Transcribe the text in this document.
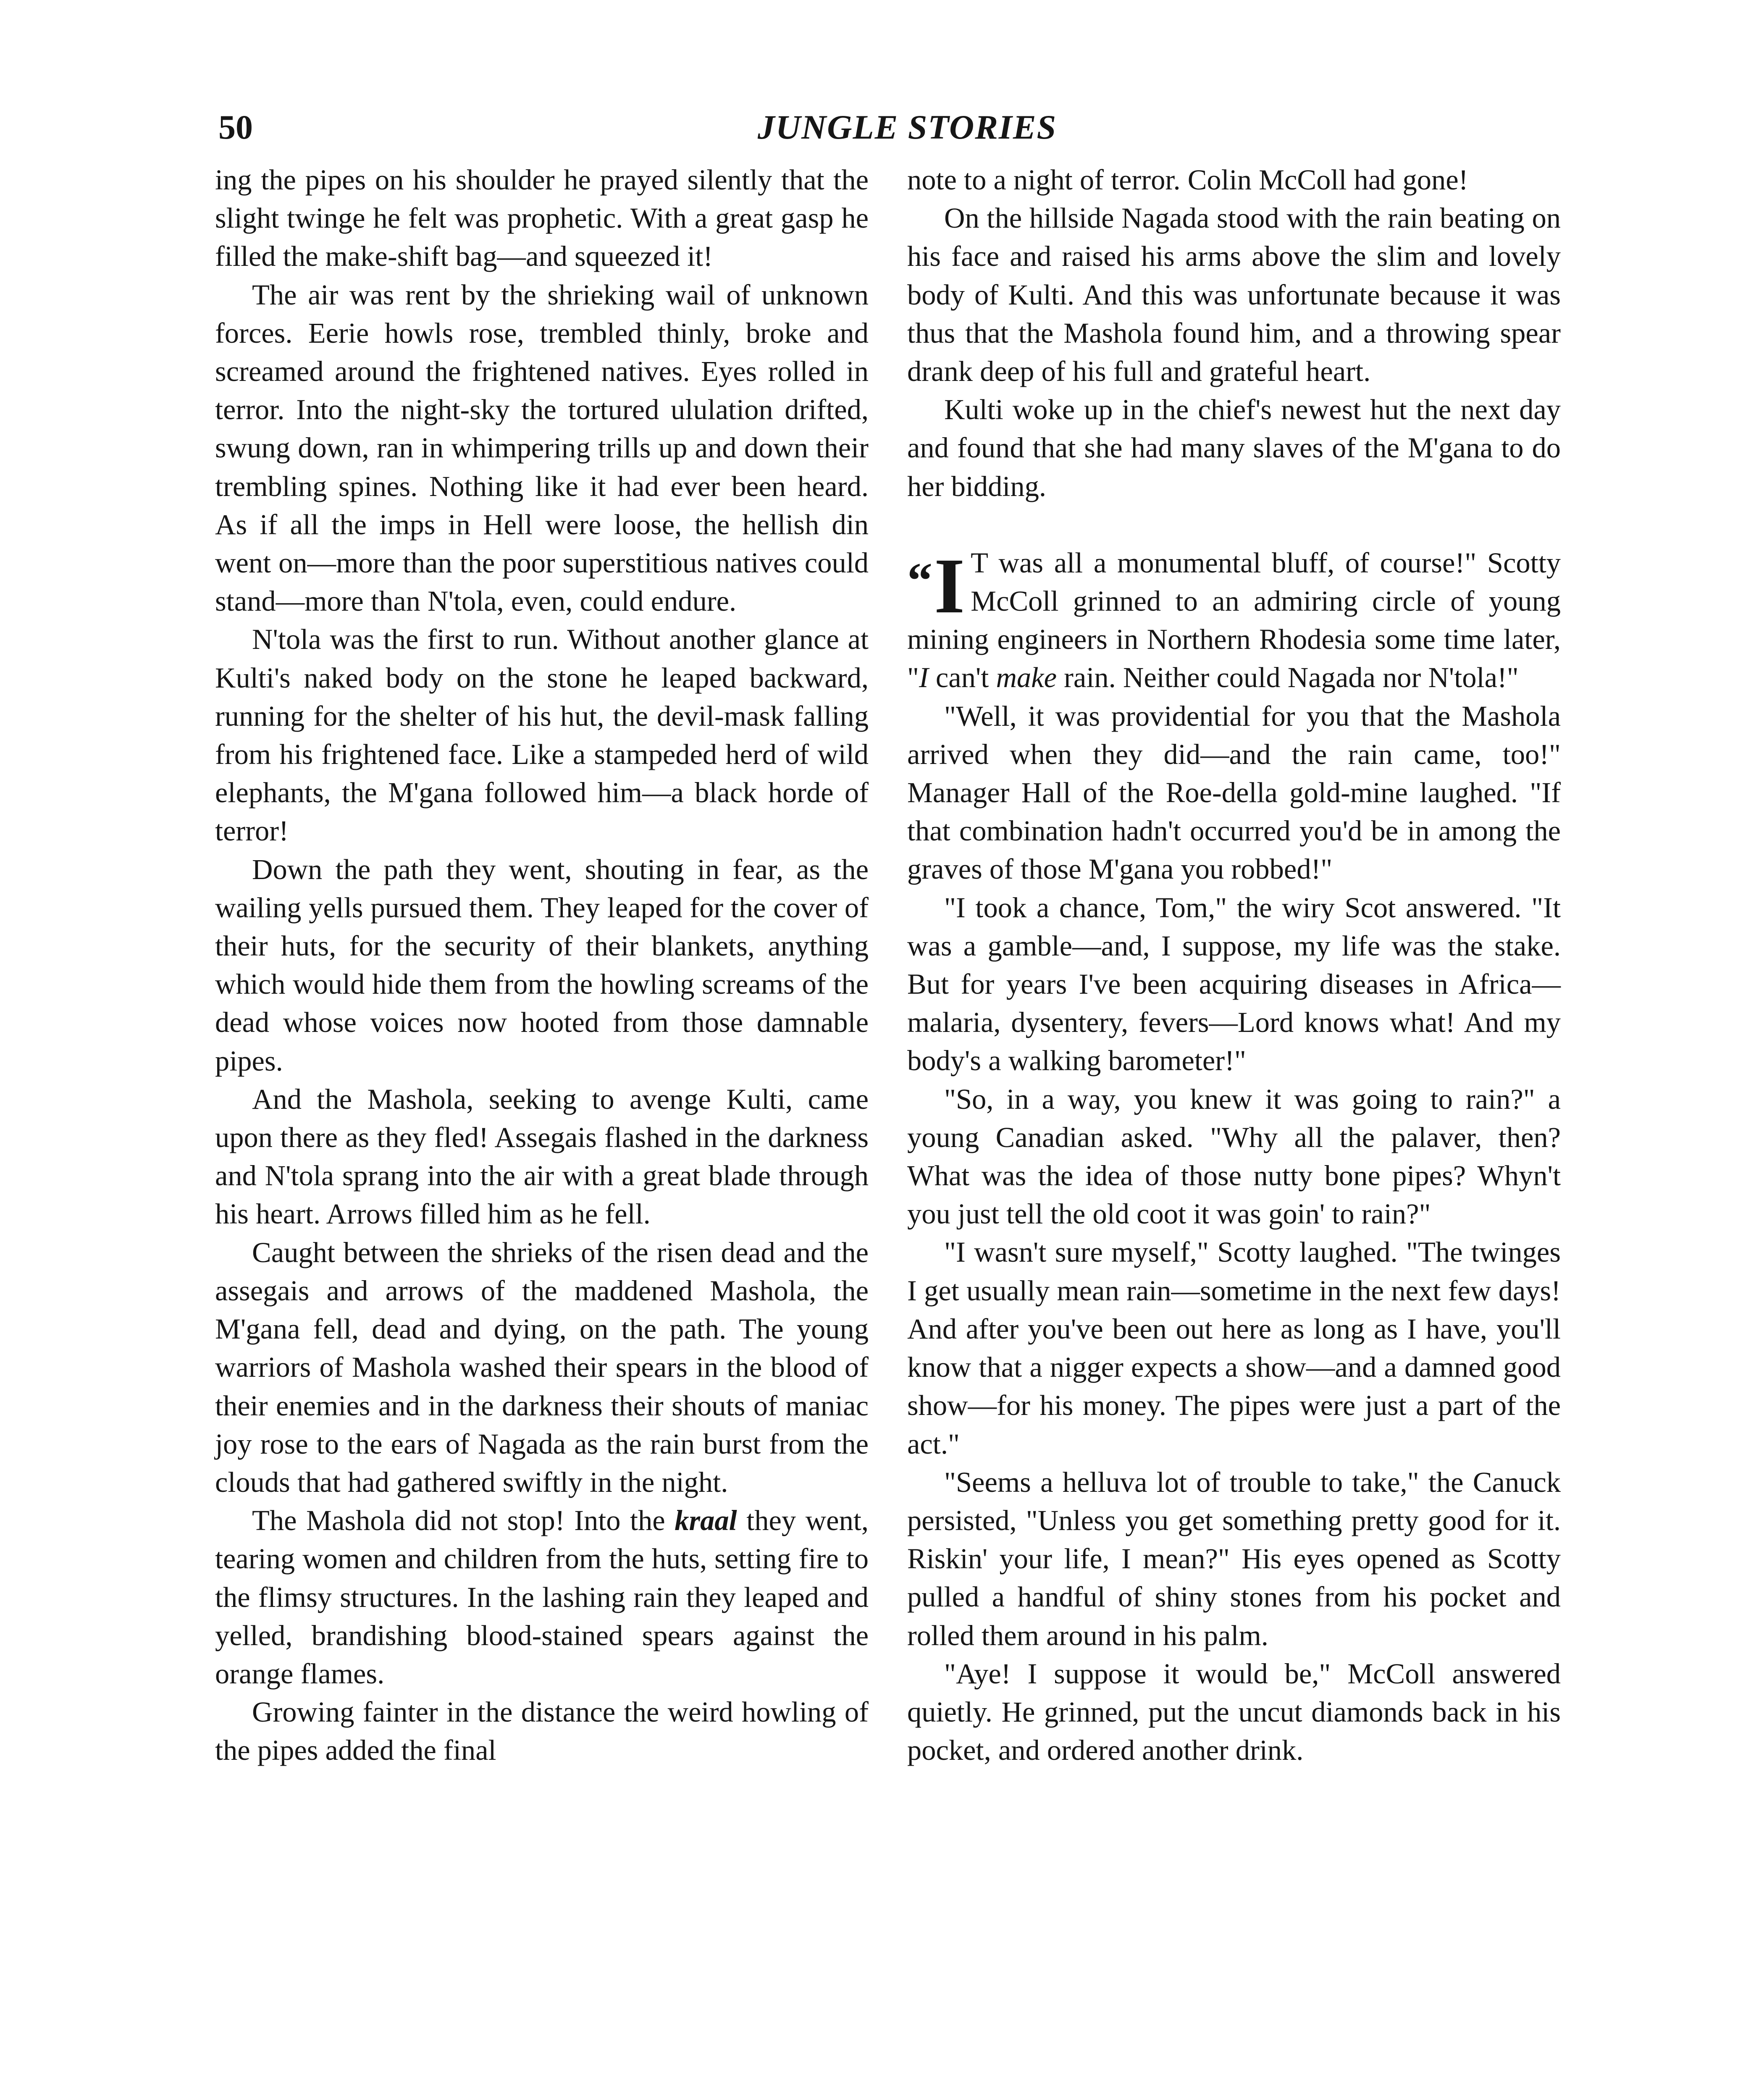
50	JUNGLE STORIES

ing the pipes on his shoulder he prayed silently that the slight twinge he felt was prophetic. With a great gasp he filled the make-shift bag—and squeezed it!

The air was rent by the shrieking wail of unknown forces. Eerie howls rose, trembled thinly, broke and screamed around the frightened natives. Eyes rolled in terror. Into the night-sky the tortured ululation drifted, swung down, ran in whimpering trills up and down their trembling spines. Nothing like it had ever been heard. As if all the imps in Hell were loose, the hellish din went on—more than the poor superstitious natives could stand—more than N'tola, even, could endure.

N'tola was the first to run. Without another glance at Kulti's naked body on the stone he leaped backward, running for the shelter of his hut, the devil-mask falling from his frightened face. Like a stampeded herd of wild elephants, the M'gana followed him—a black horde of terror!

Down the path they went, shouting in fear, as the wailing yells pursued them. They leaped for the cover of their huts, for the security of their blankets, anything which would hide them from the howling screams of the dead whose voices now hooted from those damnable pipes.

And the Mashola, seeking to avenge Kulti, came upon there as they fled! Assegais flashed in the darkness and N'tola sprang into the air with a great blade through his heart. Arrows filled him as he fell.

Caught between the shrieks of the risen dead and the assegais and arrows of the maddened Mashola, the M'gana fell, dead and dying, on the path. The young warriors of Mashola washed their spears in the blood of their enemies and in the darkness their shouts of maniac joy rose to the ears of Nagada as the rain burst from the clouds that had gathered swiftly in the night.

The Mashola did not stop! Into the kraal they went, tearing women and children from the huts, setting fire to the flimsy structures. In the lashing rain they leaped and yelled, brandishing blood-stained spears against the orange flames.

Growing fainter in the distance the weird howling of the pipes added the final

note to a night of terror. Colin McColl had gone!

On the hillside Nagada stood with the rain beating on his face and raised his arms above the slim and lovely body of Kulti. And this was unfortunate because it was thus that the Mashola found him, and a throwing spear drank deep of his full and grateful heart.

Kulti woke up in the chief's newest hut the next day and found that she had many slaves of the M'gana to do her bidding.

“I T was all a monumental bluff, of course!" Scotty McColl grinned to an admiring circle of young mining engineers in Northern Rhodesia some time later, "I can't make rain. Neither could Nagada nor N'tola!"

"Well, it was providential for you that the Mashola arrived when they did—and the rain came, too!" Manager Hall of the Roe-della gold-mine laughed. "If that combination hadn't occurred you'd be in among the graves of those M'gana you robbed!"

"I took a chance, Tom," the wiry Scot answered. "It was a gamble—and, I suppose, my life was the stake. But for years I've been acquiring diseases in Africa—malaria, dysentery, fevers—Lord knows what! And my body's a walking barometer!"

"So, in a way, you knew it was going to rain?" a young Canadian asked. "Why all the palaver, then? What was the idea of those nutty bone pipes? Whyn't you just tell the old coot it was goin' to rain?"

"I wasn't sure myself," Scotty laughed. "The twinges I get usually mean rain—sometime in the next few days! And after you've been out here as long as I have, you'll know that a nigger expects a show—and a damned good show—for his money. The pipes were just a part of the act."

"Seems a helluva lot of trouble to take," the Canuck persisted, "Unless you get something pretty good for it. Riskin' your life, I mean?" His eyes opened as Scotty pulled a handful of shiny stones from his pocket and rolled them around in his palm.

"Aye! I suppose it would be," McColl answered quietly. He grinned, put the uncut diamonds back in his pocket, and ordered another drink.
